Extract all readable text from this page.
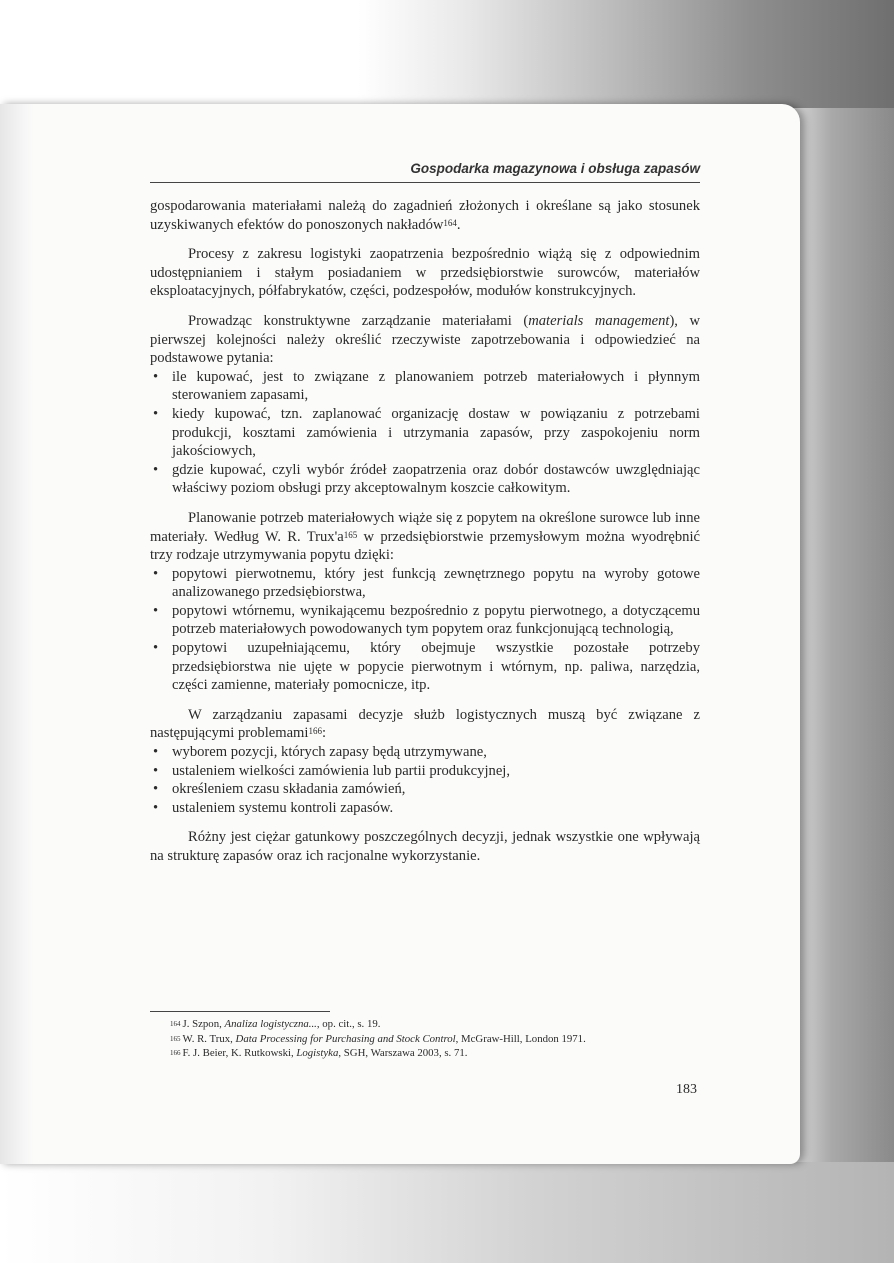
Gospodarka magazynowa i obsługa zapasów

gospodarowania materiałami należą do zagadnień złożonych i określane są jako stosunek uzyskiwanych efektów do ponoszonych nakładów$^{164}$.

Procesy z zakresu logistyki zaopatrzenia bezpośrednio wiążą się z odpowiednim udostępnianiem i stałym posiadaniem w przedsiębiorstwie surowców, materiałów eksploatacyjnych, półfabrykatów, części, podzespołów, modułów konstrukcyjnych.

Prowadząc konstruktywne zarządzanie materiałami (materials management), w pierwszej kolejności należy określić rzeczywiste zapotrzebowania i odpowiedzieć na podstawowe pytania:

• ile kupować, jest to związane z planowaniem potrzeb materiałowych i płynnym sterowaniem zapasami,
• kiedy kupować, tzn. zaplanować organizację dostaw w powiązaniu z potrzebami produkcji, kosztami zamówienia i utrzymania zapasów, przy zaspokojeniu norm jakościowych,
• gdzie kupować, czyli wybór źródeł zaopatrzenia oraz dobór dostawców uwzględniając właściwy poziom obsługi przy akceptowalnym koszcie całkowitym.

Planowanie potrzeb materiałowych wiąże się z popytem na określone surowce lub inne materiały. Według W. R. $Trux'a^{165}$ w przedsiębiorstwie przemysłowym można wyodrębnić trzy rodzaje utrzymywania popytu dzięki:

• popytowi pierwotnemu, który jest funkcją zewnętrznego popytu na wyroby gotowe analizowanego przedsiębiorstwa,
• popytowi wtórnemu, wynikającemu bezpośrednio z popytu pierwotnego, a dotyczącemu potrzeb materiałowych powodowanych tym popytem oraz funkcjonującą technologią,
• popytowi uzupełniającemu, który obejmuje wszystkie pozostałe potrzeby przedsiębiorstwa nie ujęte w popycie pierwotnym i wtórnym, np. paliwa, narzędzia, części zamienne, materiały pomocnicze, itp.

W zarządzaniu zapasami decyzje służb logistycznych muszą być związane z następującymi problemami$^{166}$:

• wyborem pozycji, których zapasy będą utrzymywane,
• ustaleniem wielkości zamówienia lub partii produkcyjnej,
• określeniem czasu składania zamówień,
• ustaleniem systemu kontroli zapasów.

Różny jest ciężar gatunkowy poszczególnych decyzji, jednak wszystkie one wpływają na strukturę zapasów oraz ich racjonalne wykorzystanie.

$^{164}$ J. Szpon, Analiza logistyczna..., op. cit., s. 19.
$^{165}$ W. R. Trux, Data Processing for Purchasing and Stock Control, McGraw-Hill, London 1971.
$^{166}$ F. J. Beier, K. Rutkowski, Logistyka, SGH, Warszawa 2003, s. 71.
183
